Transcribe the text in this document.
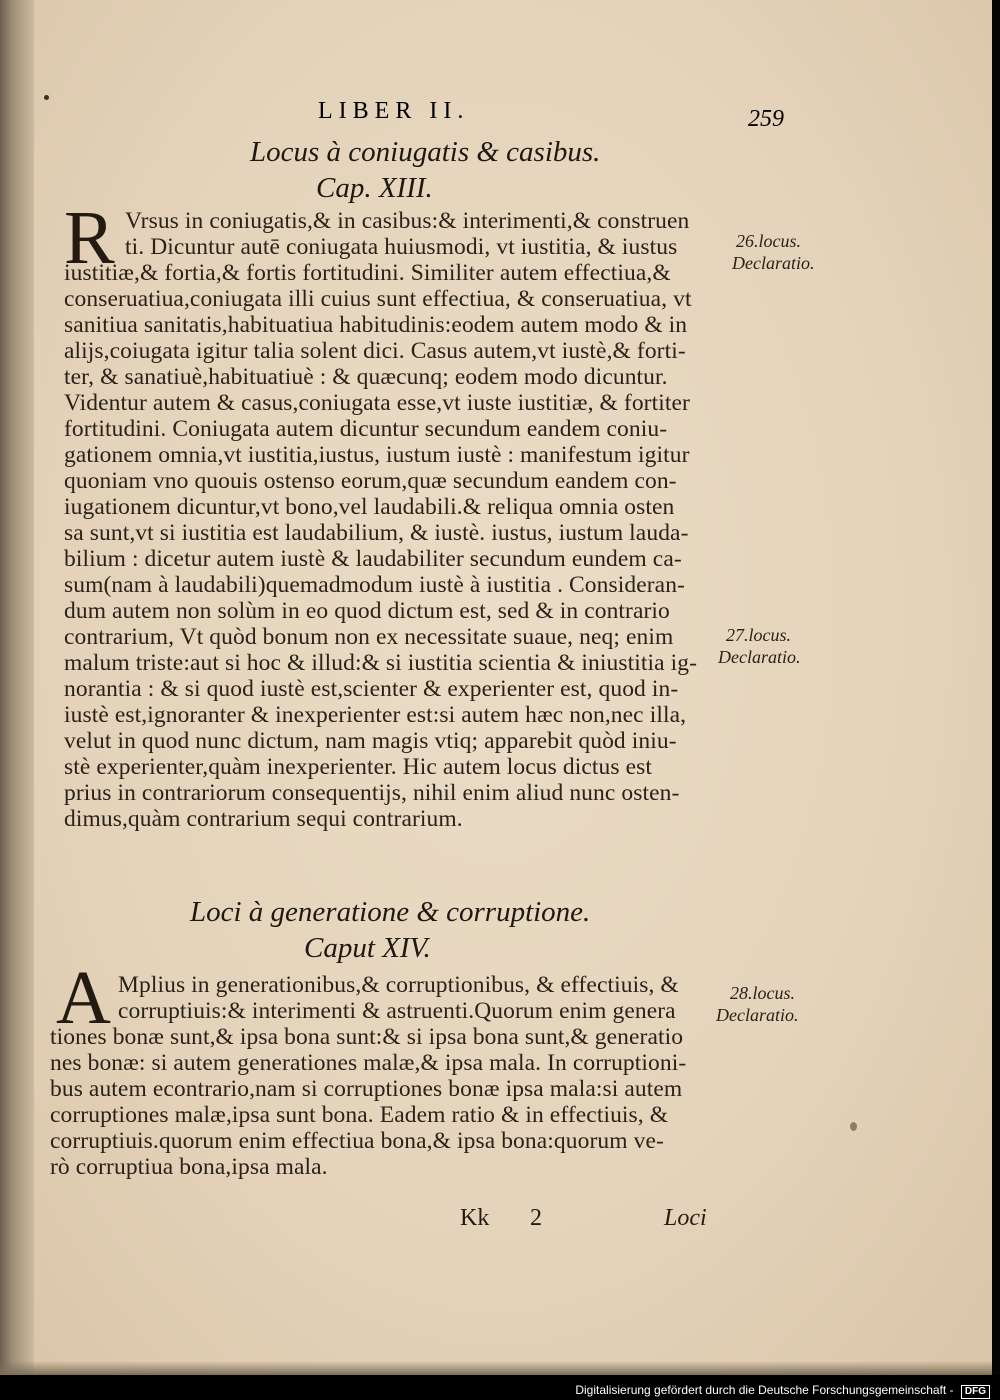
LIBER II.	259
Locus à coniugatis & casibus.
Cap. XIII.
R Vrsus in coniugatis,& in casibus:& interimenti,& construen
ti. Dicuntur autē coniugata huiusmodi, vt iustitia, & iustus
iustitiæ,& fortia,& fortis fortitudini. Similiter autem effectiua,&
conseruatiua,coniugata illi cuius sunt effectiua, & conseruatiua, vt
sanitiua sanitatis,habituatiua habitudinis:eodem autem modo & in
alijs,coiugata igitur talia solent dici. Casus autem,vt iustè,& forti-
ter, & sanatiuè,habituatiuè : & quæcunq; eodem modo dicuntur.
Videntur autem & casus,coniugata esse,vt iuste iustitiæ, & fortiter
fortitudini. Coniugata autem dicuntur secundum eandem coniu-
gationem omnia,vt iustitia,iustus, iustum iustè : manifestum igitur
quoniam vno quouis ostenso eorum,quæ secundum eandem con-
iugationem dicuntur,vt bono,vel laudabili.& reliqua omnia osten
sa sunt,vt si iustitia est laudabilium, & iustè. iustus, iustum lauda-
bilium : dicetur autem iustè & laudabiliter secundum eundem ca-
sum(nam à laudabili)quemadmodum iustè à iustitia . Consideran-
dum autem non solùm in eo quod dictum est, sed & in contrario
contrarium, Vt quòd bonum non ex necessitate suaue, neq; enim
malum triste:aut si hoc & illud:& si iustitia scientia & iniustitia ig-
norantia : & si quod iustè est,scienter & experienter est, quod in-
iustè est,ignoranter & inexperienter est:si autem hæc non,nec illa,
velut in quod nunc dictum, nam magis vtiq; apparebit quòd iniu-
stè experienter,quàm inexperienter. Hic autem locus dictus est
prius in contrariorum consequentijs, nihil enim aliud nunc osten-
dimus,quàm contrarium sequi contrarium.
26.locus.
Declaratio.
27.locus.
Declaratio.
Loci à generatione & corruptione.
Caput XIV.
A Mplius in generationibus,& corruptionibus, & effectiuis, &
corruptiuis:& interimenti & astruenti.Quorum enim genera
tiones bonæ sunt,& ipsa bona sunt:& si ipsa bona sunt,& generatio
nes bonæ: si autem generationes malæ,& ipsa mala. In corruptioni-
bus autem econtrario,nam si corruptiones bonæ ipsa mala:si autem
corruptiones malæ,ipsa sunt bona. Eadem ratio & in effectiuis, &
corruptiuis.quorum enim effectiua bona,& ipsa bona:quorum ve-
rò corruptiua bona,ipsa mala.
28.locus.
Declaratio.
Kk 2	Loci
Digitalisierung gefördert durch die Deutsche Forschungsgemeinschaft - DFG
